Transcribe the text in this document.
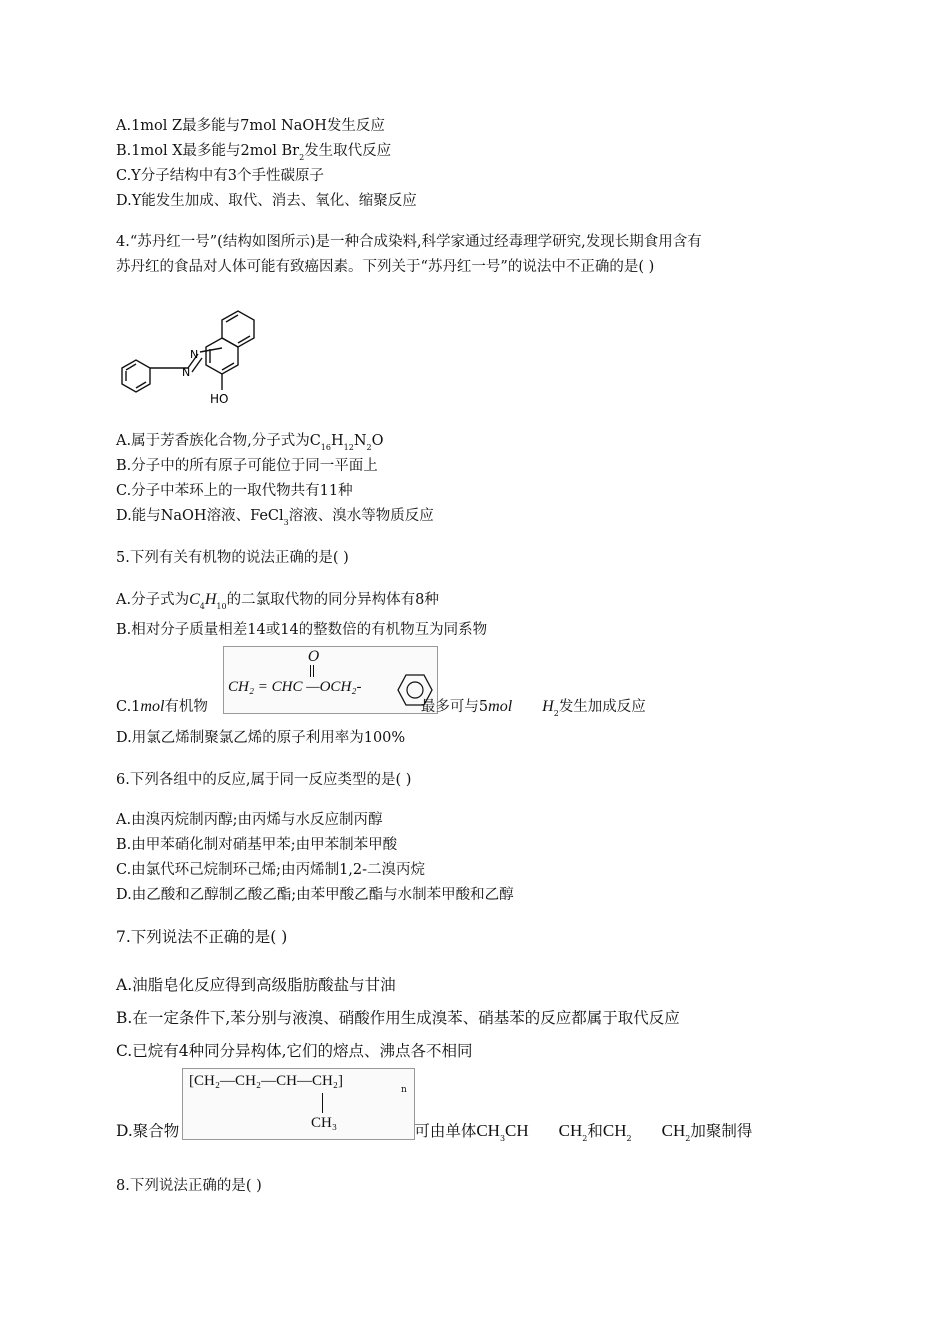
A.1mol Z最多能与7mol NaOH发生反应
B.1mol X最多能与2mol $Br_2$发生取代反应
C.Y分子结构中有3个手性碳原子
D.Y能发生加成、取代、消去、氧化、缩聚反应
4.“苏丹红一号”(结构如图所示)是一种合成染料,科学家通过经毒理学研究,发现长期食用含有
苏丹红的食品对人体可能有致癌因素。下列关于“苏丹红一号”的说法中不正确的是( )
N
N
HO
A.属于芳香族化合物,分子式为$C_{16}H_{12}N_2O$
B.分子中的所有原子可能位于同一平面上
C.分子中苯环上的一取代物共有11种
D.能与NaOH溶液、FeCl$_3$溶液、溴水等物质反应
5.下列有关有机物的说法正确的是( )
A.分子式为$C_4H_{10}$的二氯取代物的同分异构体有8种
B.相对分子质量相差14或14的整数倍的有机物互为同系物
O
CH₂ = CHC —OCH₂-
C.1mol有机物	最多可与5mol $H_2$发生加成反应
D.用氯乙烯制聚氯乙烯的原子利用率为100%
6.下列各组中的反应,属于同一反应类型的是( )
A.由溴丙烷制丙醇;由丙烯与水反应制丙醇
B.由甲苯硝化制对硝基甲苯;由甲苯制苯甲酸
C.由氯代环己烷制环己烯;由丙烯制1,2-二溴丙烷
D.由乙酸和乙醇制乙酸乙酯;由苯甲酸乙酯与水制苯甲酸和乙醇
7.下列说法不正确的是( )
A.油脂皂化反应得到高级脂肪酸盐与甘油
B.在一定条件下,苯分别与液溴、硝酸作用生成溴苯、硝基苯的反应都属于取代反应
C.已烷有4种同分异构体,它们的熔点、沸点各不相同
[CH₂—CH₂—CH—CH₂]
n
CH₃
D.聚合物	可由单体$CH_3CH$ $CH_2$和$CH_2$ $CH_2$加聚制得
8.下列说法正确的是( )
